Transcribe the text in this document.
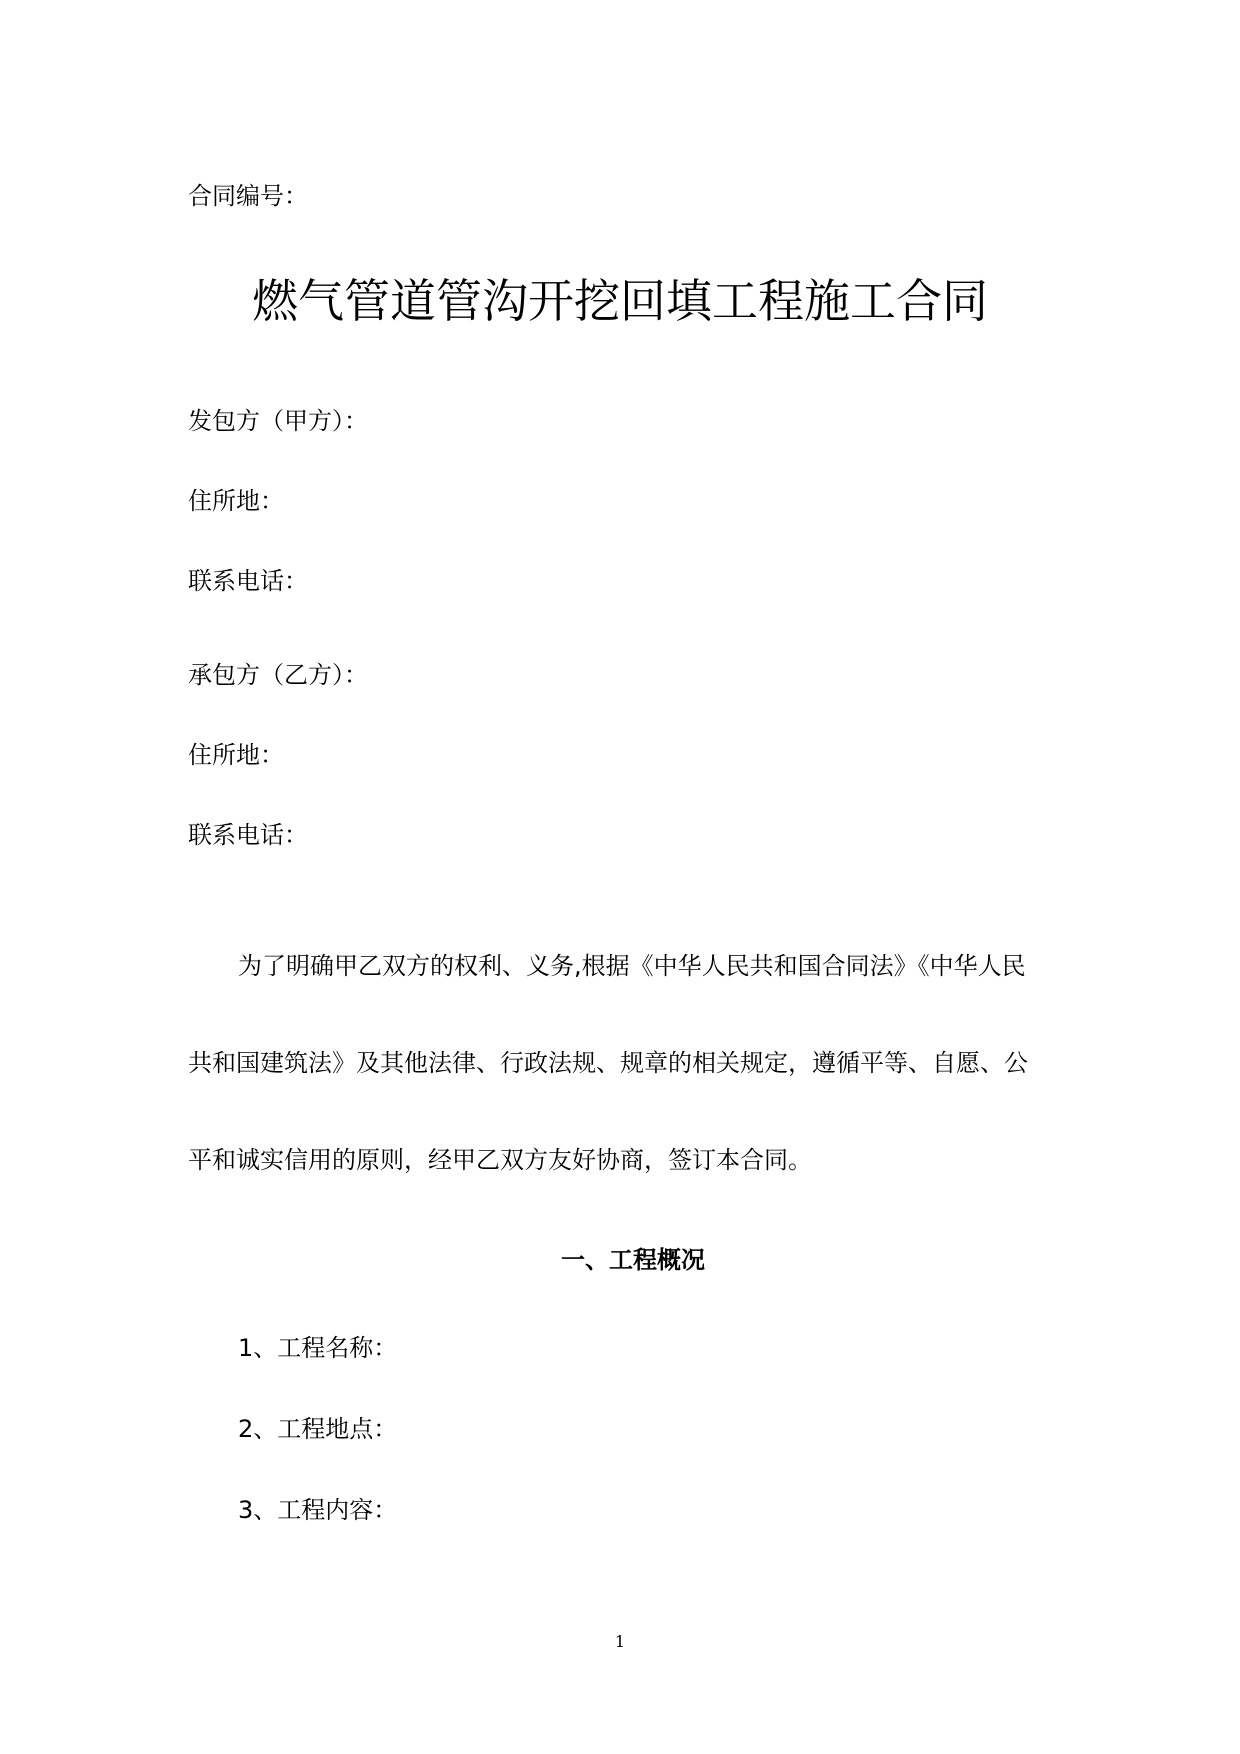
合同编号：
燃气管道管沟开挖回填工程施工合同
发包方（甲方）：
住所地：
联系电话：
承包方（乙方）：
住所地：
联系电话：
为了明确甲乙双方的权利、义务,根据《中华人民共和国合同法》《中华人民
共和国建筑法》及其他法律、行政法规、规章的相关规定，遵循平等、自愿、公
平和诚实信用的原则，经甲乙双方友好协商，签订本合同。
一、工程概况
1、工程名称：
2、工程地点：
3、工程内容：
1
